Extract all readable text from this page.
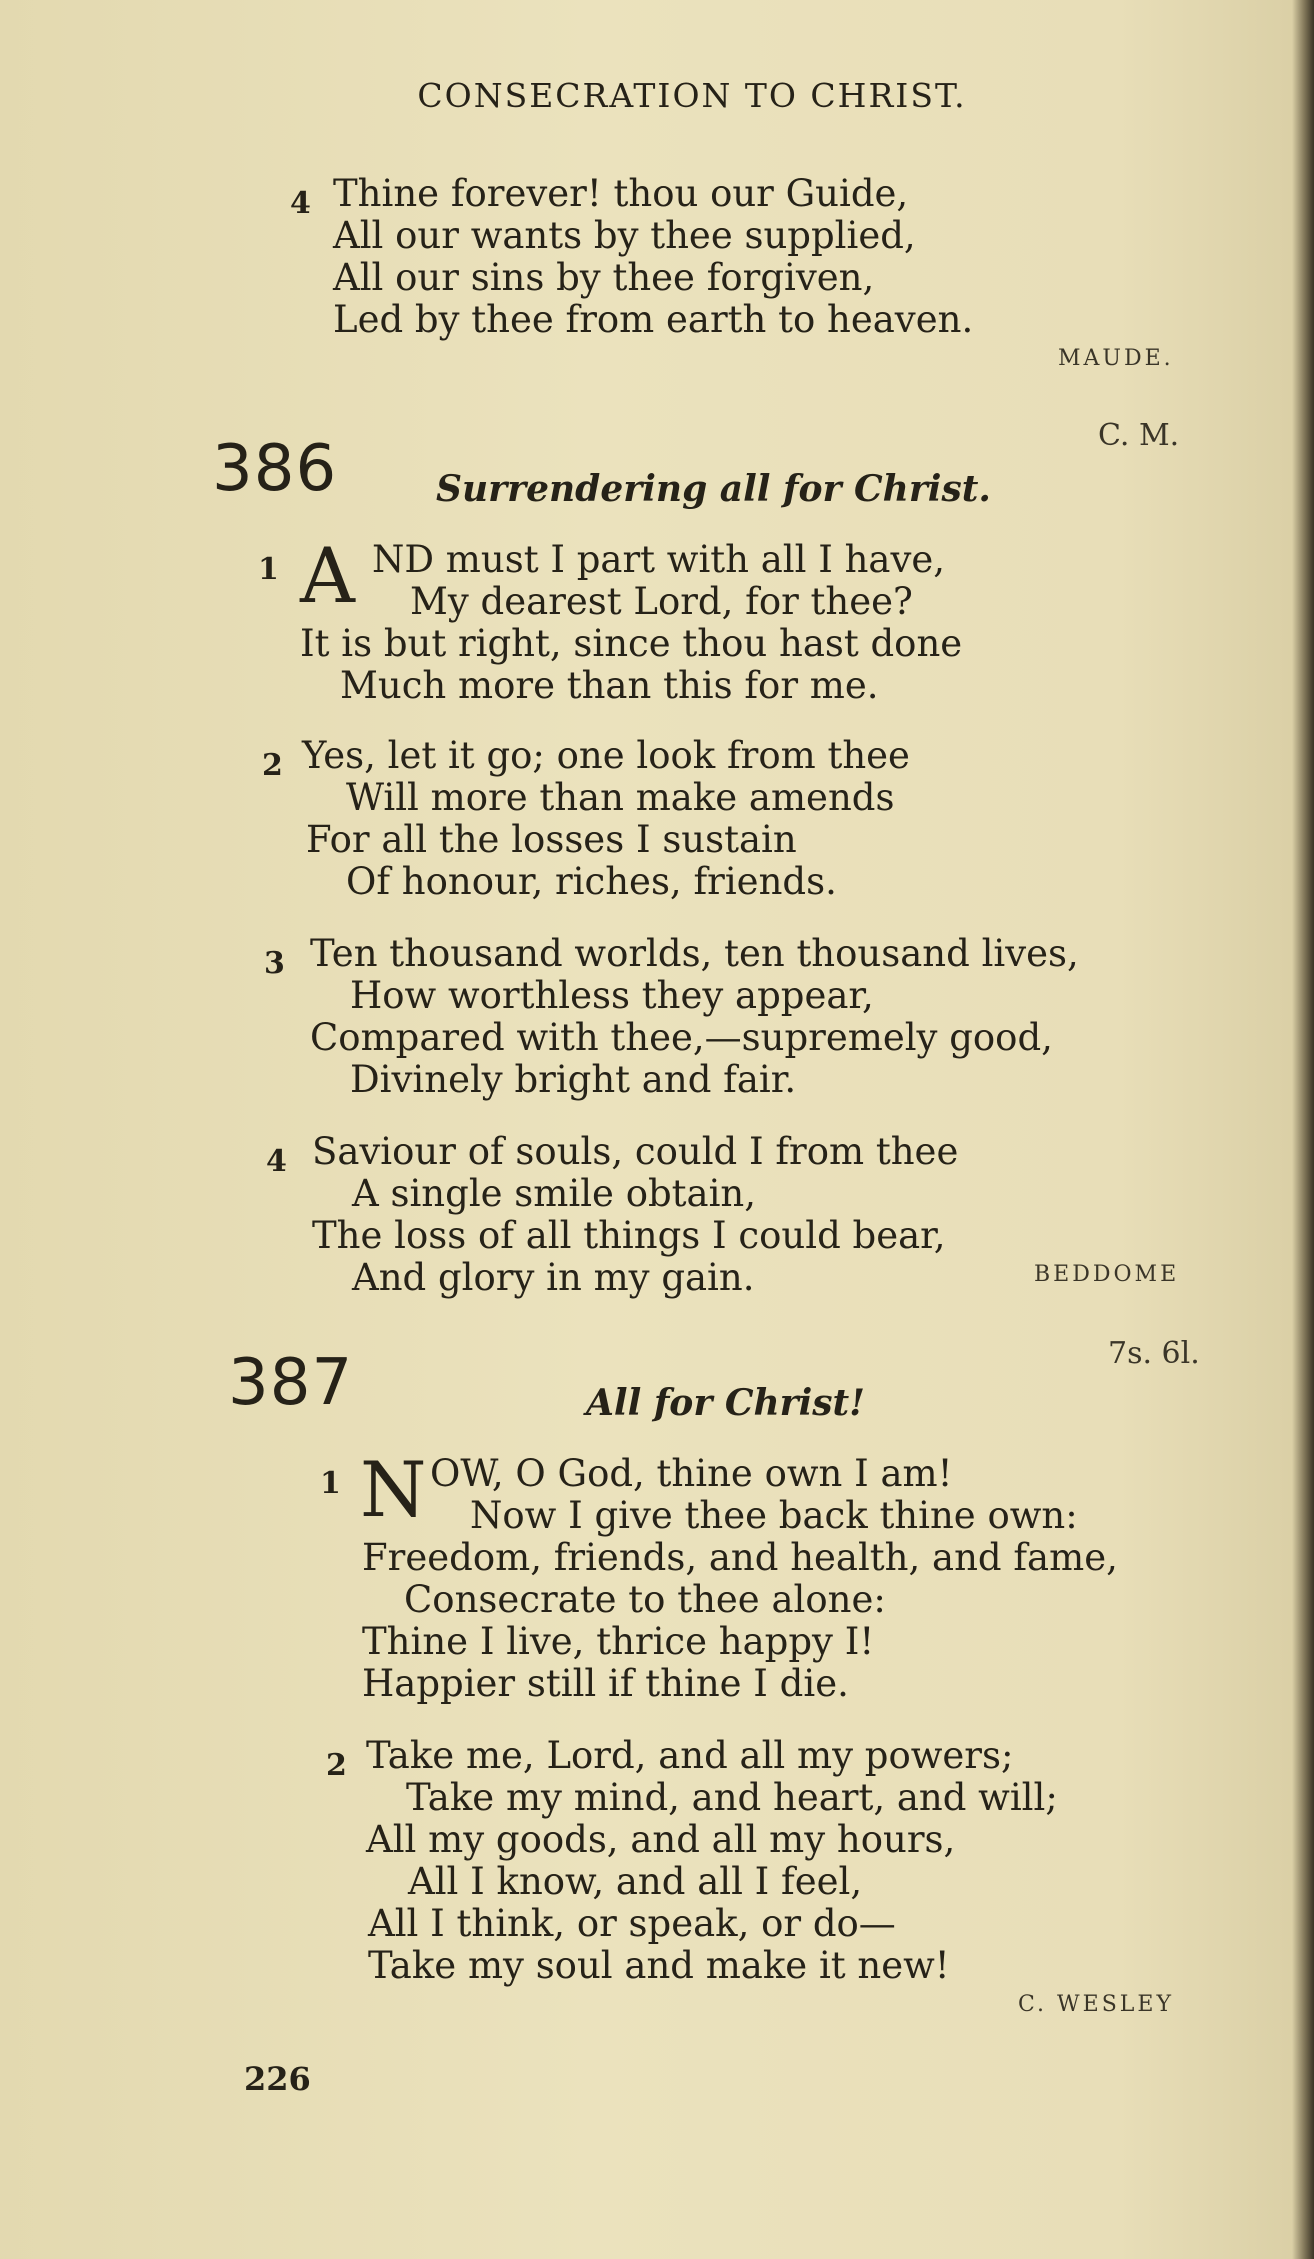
CONSECRATION TO CHRIST.
4 Thine forever! thou our Guide,
All our wants by thee supplied,
All our sins by thee forgiven,
Led by thee from earth to heaven.
MAUDE.
386	Surrendering all for Christ.
C. M.
1 A ND must I part with all I have,
My dearest Lord, for thee?
It is but right, since thou hast done
Much more than this for me.
2 Yes, let it go; one look from thee
Will more than make amends
For all the losses I sustain
Of honour, riches, friends.
3 Ten thousand worlds, ten thousand lives,
How worthless they appear,
Compared with thee,—supremely good,
Divinely bright and fair.
4 Saviour of souls, could I from thee
A single smile obtain,
The loss of all things I could bear,
And glory in my gain.	BEDDOME
387	All for Christ!
7s. 6l.
1 N OW, O God, thine own I am!
Now I give thee back thine own:
Freedom, friends, and health, and fame,
Consecrate to thee alone:
Thine I live, thrice happy I!
Happier still if thine I die.
2 Take me, Lord, and all my powers;
Take my mind, and heart, and will;
All my goods, and all my hours,
All I know, and all I feel,
All I think, or speak, or do—
Take my soul and make it new!
C. WESLEY
226
